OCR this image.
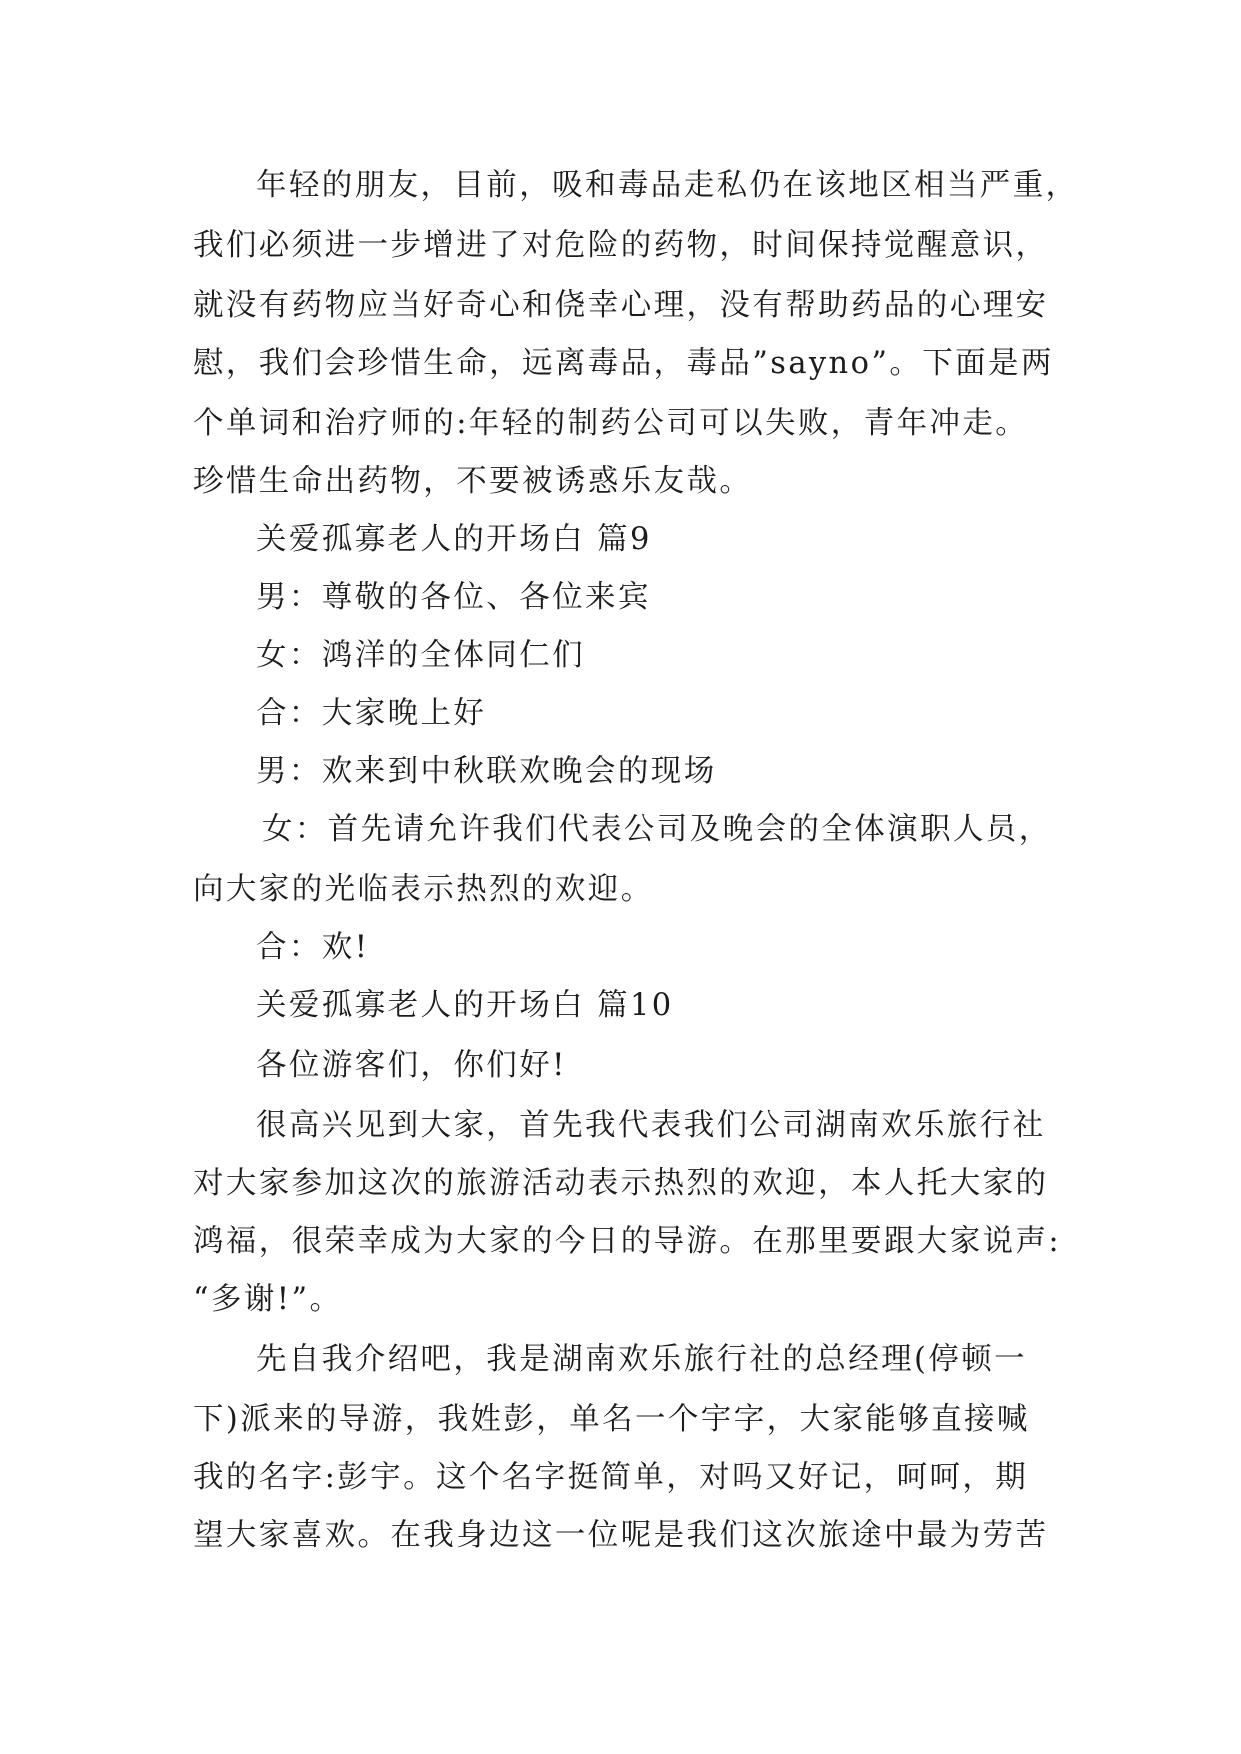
年轻的朋友，目前，吸和毒品走私仍在该地区相当严重，
我们必须进一步增进了对危险的药物，时间保持觉醒意识，
就没有药物应当好奇心和侥幸心理，没有帮助药品的心理安
慰，我们会珍惜生命，远离毒品，毒品”sayno”。下面是两
个单词和治疗师的:年轻的制药公司可以失败，青年冲走。
珍惜生命出药物，不要被诱惑乐友哉。
关爱孤寡老人的开场白 篇9
男：尊敬的各位、各位来宾
女：鸿洋的全体同仁们
合：大家晚上好
男：欢来到中秋联欢晚会的现场
女：首先请允许我们代表公司及晚会的全体演职人员，
向大家的光临表示热烈的欢迎。
合：欢!
关爱孤寡老人的开场白 篇10
各位游客们，你们好!
很高兴见到大家，首先我代表我们公司湖南欢乐旅行社
对大家参加这次的旅游活动表示热烈的欢迎，本人托大家的
鸿福，很荣幸成为大家的今日的导游。在那里要跟大家说声:
“多谢!”。
先自我介绍吧，我是湖南欢乐旅行社的总经理(停顿一
下)派来的导游，我姓彭，单名一个宇字，大家能够直接喊
我的名字:彭宇。这个名字挺简单，对吗又好记，呵呵，期
望大家喜欢。在我身边这一位呢是我们这次旅途中最为劳苦
